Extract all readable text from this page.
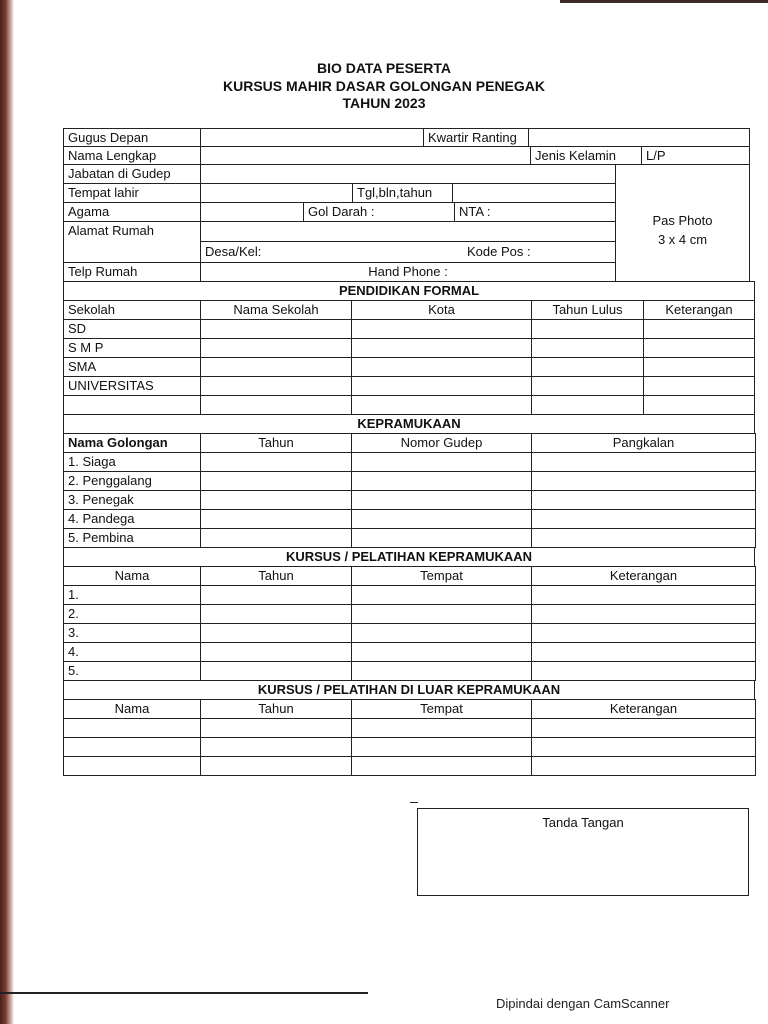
BIO DATA PESERTA
KURSUS MAHIR DASAR GOLONGAN PENEGAK
TAHUN 2023
Gugus Depan	Kwartir Ranting
Nama Lengkap	Jenis Kelamin	L/P
Jabatan di Gudep
Tempat lahir	Tgl,bln,tahun
Agama	Gol Darah :	NTA :
Alamat Rumah
Desa/Kel:	Kode Pos :
Telp Rumah	Hand Phone :
Pas Photo
3 x 4 cm
PENDIDIKAN FORMAL
Sekolah	Nama Sekolah	Kota	Tahun Lulus	Keterangan
SD
S M P
SMA
UNIVERSITAS
KEPRAMUKAAN
Nama Golongan	Tahun	Nomor Gudep	Pangkalan
1. Siaga
2. Penggalang
3. Penegak
4. Pandega
5. Pembina
KURSUS / PELATIHAN KEPRAMUKAAN
Nama	Tahun	Tempat	Keterangan
1.
2.
3.
4.
5.
KURSUS / PELATIHAN DI LUAR KEPRAMUKAAN
Nama	Tahun	Tempat	Keterangan
Tanda Tangan
Dipindai dengan CamScanner
